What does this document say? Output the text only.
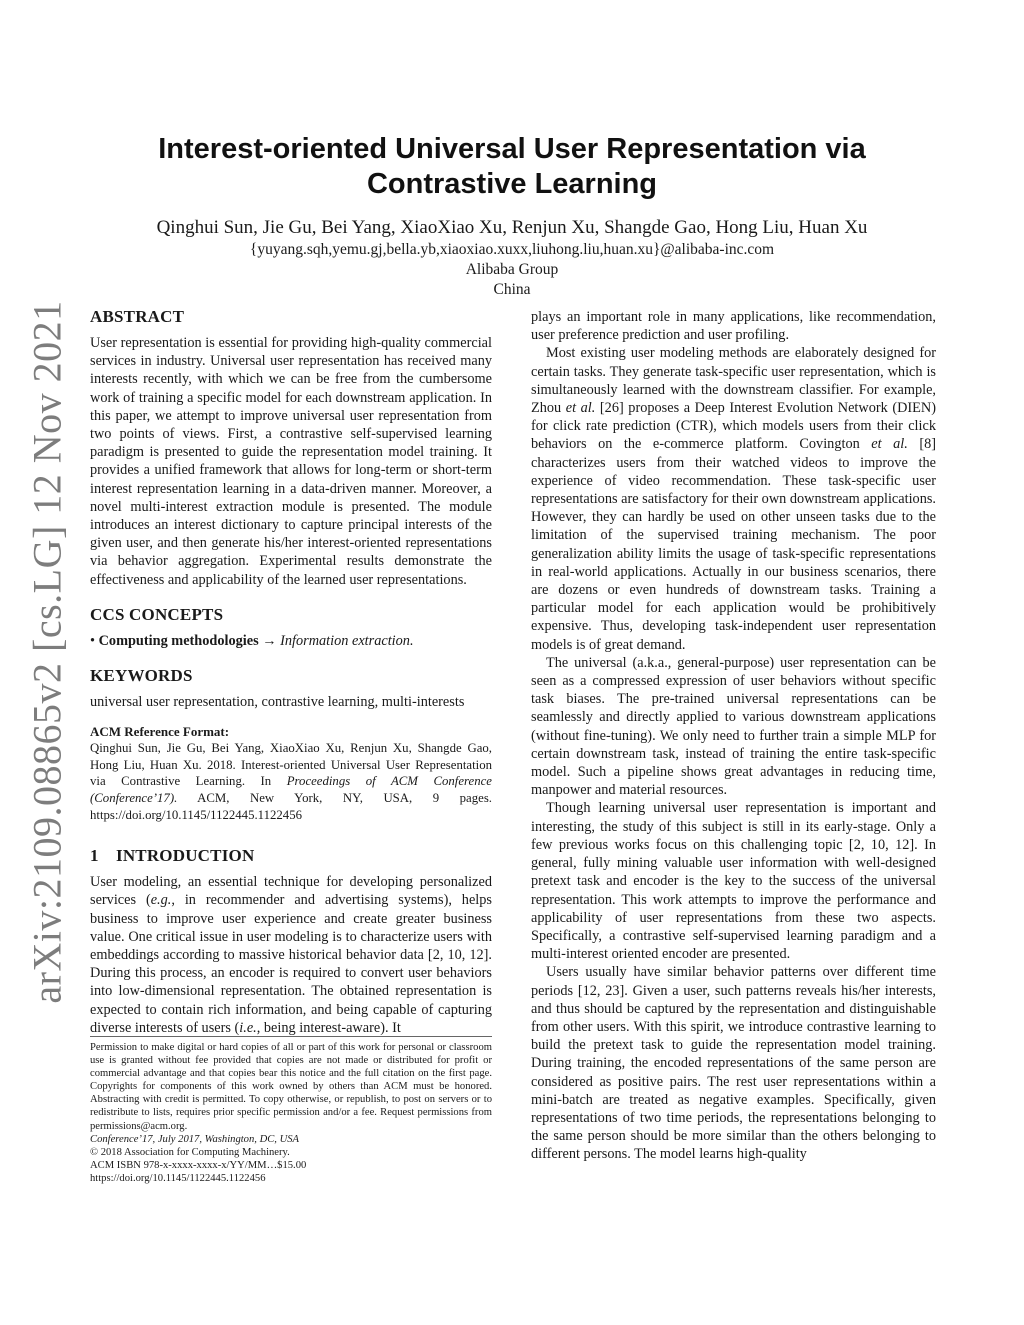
arXiv:2109.08865v2 [cs.LG] 12 Nov 2021
Interest-oriented Universal User Representation via Contrastive Learning
Qinghui Sun, Jie Gu, Bei Yang, XiaoXiao Xu, Renjun Xu, Shangde Gao, Hong Liu, Huan Xu
{yuyang.sqh,yemu.gj,bella.yb,xiaoxiao.xuxx,liuhong.liu,huan.xu}@alibaba-inc.com
Alibaba Group
China
ABSTRACT

User representation is essential for providing high-quality commercial services in industry. Universal user representation has received many interests recently, with which we can be free from the cumbersome work of training a specific model for each downstream application. In this paper, we attempt to improve universal user representation from two points of views. First, a contrastive self-supervised learning paradigm is presented to guide the representation model training. It provides a unified framework that allows for long-term or short-term interest representation learning in a data-driven manner. Moreover, a novel multi-interest extraction module is presented. The module introduces an interest dictionary to capture principal interests of the given user, and then generate his/her interest-oriented representations via behavior aggregation. Experimental results demonstrate the effectiveness and applicability of the learned user representations.

CCS CONCEPTS

• Computing methodologies → Information extraction.

KEYWORDS

universal user representation, contrastive learning, multi-interests

ACM Reference Format:

Qinghui Sun, Jie Gu, Bei Yang, XiaoXiao Xu, Renjun Xu, Shangde Gao, Hong Liu, Huan Xu. 2018. Interest-oriented Universal User Representation via Contrastive Learning. In Proceedings of ACM Conference (Conference’17). ACM, New York, NY, USA, 9 pages. https://doi.org/10.1145/1122445.1122456

1 INTRODUCTION

User modeling, an essential technique for developing personalized services (e.g., in recommender and advertising systems), helps business to improve user experience and create greater business value. One critical issue in user modeling is to characterize users with embeddings according to massive historical behavior data [2, 10, 12]. During this process, an encoder is required to convert user behaviors into low-dimensional representation. The obtained representation is expected to contain rich information, and being capable of capturing diverse interests of users (i.e., being interest-aware). It

Permission to make digital or hard copies of all or part of this work for personal or classroom use is granted without fee provided that copies are not made or distributed for profit or commercial advantage and that copies bear this notice and the full citation on the first page. Copyrights for components of this work owned by others than ACM must be honored. Abstracting with credit is permitted. To copy otherwise, or republish, to post on servers or to redistribute to lists, requires prior specific permission and/or a fee. Request permissions from permissions@acm.org.

Conference’17, July 2017, Washington, DC, USA

© 2018 Association for Computing Machinery.

ACM ISBN 978-x-xxxx-xxxx-x/YY/MM…$15.00

https://doi.org/10.1145/1122445.1122456

plays an important role in many applications, like recommendation, user preference prediction and user profiling.

Most existing user modeling methods are elaborately designed for certain tasks. They generate task-specific user representation, which is simultaneously learned with the downstream classifier. For example, Zhou et al. [26] proposes a Deep Interest Evolution Network (DIEN) for click rate prediction (CTR), which models users from their click behaviors on the e-commerce platform. Covington et al. [8] characterizes users from their watched videos to improve the experience of video recommendation. These task-specific user representations are satisfactory for their own downstream applications. However, they can hardly be used on other unseen tasks due to the limitation of the supervised training mechanism. The poor generalization ability limits the usage of task-specific representations in real-world applications. Actually in our business scenarios, there are dozens or even hundreds of downstream tasks. Training a particular model for each application would be prohibitively expensive. Thus, developing task-independent user representation models is of great demand.

The universal (a.k.a., general-purpose) user representation can be seen as a compressed expression of user behaviors without specific task biases. The pre-trained universal representations can be seamlessly and directly applied to various downstream applications (without fine-tuning). We only need to further train a simple MLP for certain downstream task, instead of training the entire task-specific model. Such a pipeline shows great advantages in reducing time, manpower and material resources.

Though learning universal user representation is important and interesting, the study of this subject is still in its early-stage. Only a few previous works focus on this challenging topic [2, 10, 12]. In general, fully mining valuable user information with well-designed pretext task and encoder is the key to the success of the universal representation. This work attempts to improve the performance and applicability of user representations from these two aspects. Specifically, a contrastive self-supervised learning paradigm and a multi-interest oriented encoder are presented.

Users usually have similar behavior patterns over different time periods [12, 23]. Given a user, such patterns reveals his/her interests, and thus should be captured by the representation and distinguishable from other users. With this spirit, we introduce contrastive learning to build the pretext task to guide the representation model training. During training, the encoded representations of the same person are considered as positive pairs. The rest user representations within a mini-batch are treated as negative examples. Specifically, given representations of two time periods, the representations belonging to the same person should be more similar than the others belonging to different persons. The model learns high-quality
